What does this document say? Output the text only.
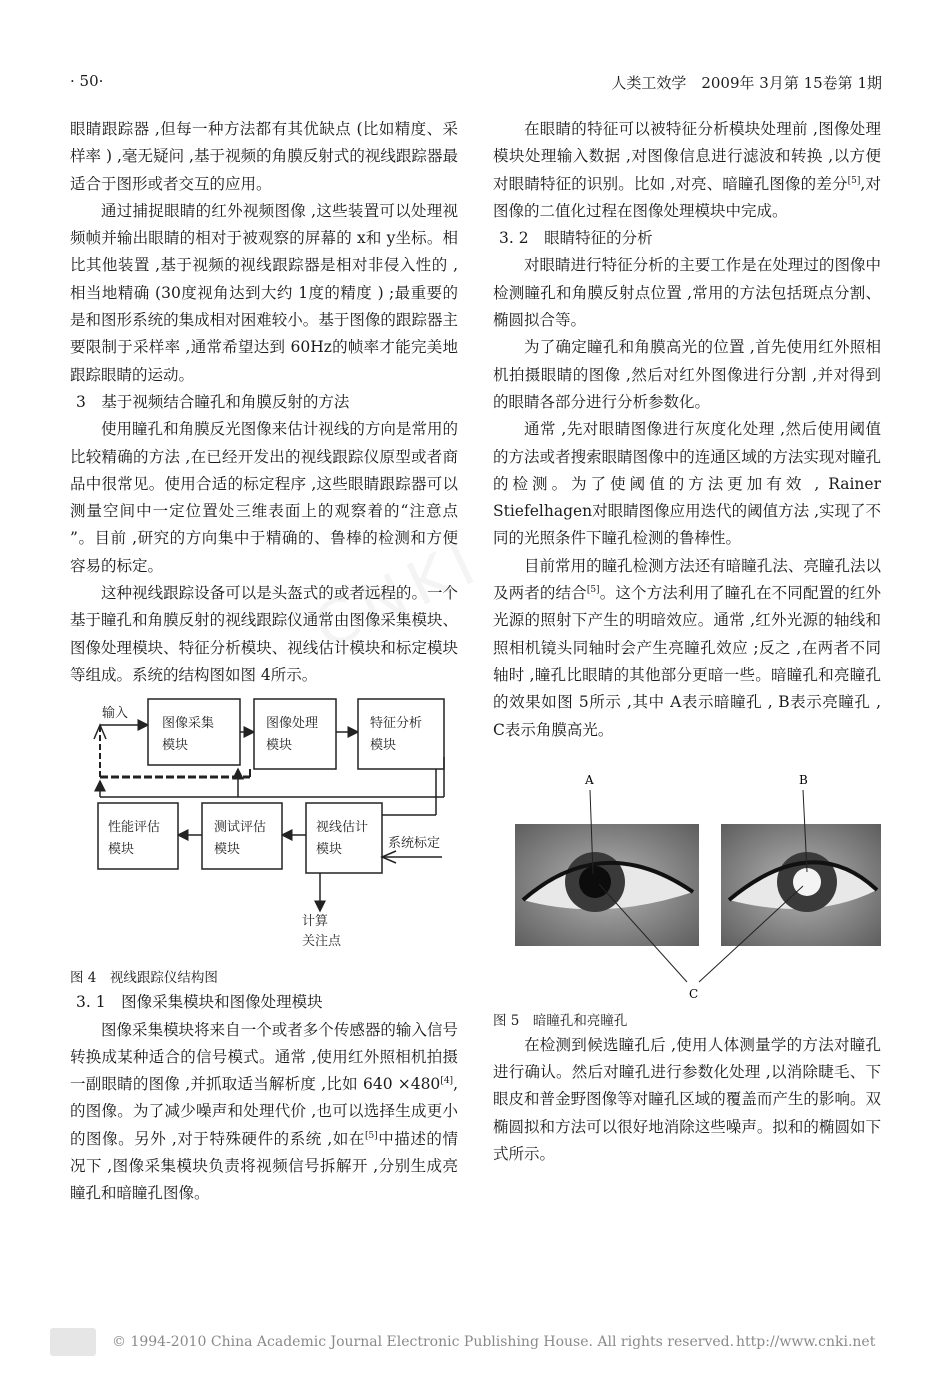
· 50·	人类工效学　2009年 3月第 15卷第 1期

眼睛跟踪器 ,但每一种方法都有其优缺点 (比如精度、采样率 ) ,毫无疑问 ,基于视频的角膜反射式的视线跟踪器最适合于图形或者交互的应用。

通过捕捉眼睛的红外视频图像 ,这些装置可以处理视频帧并输出眼睛的相对于被观察的屏幕的 x和 y坐标。相比其他装置 ,基于视频的视线跟踪器是相对非侵入性的 ,相当地精确 (30度视角达到大约 1度的精度 ) ;最重要的是和图形系统的集成相对困难较小。基于图像的跟踪器主要限制于采样率 ,通常希望达到 60Hz的帧率才能完美地跟踪眼睛的运动。

3　基于视频结合瞳孔和角膜反射的方法

使用瞳孔和角膜反光图像来估计视线的方向是常用的比较精确的方法 ,在已经开发出的视线跟踪仪原型或者商品中很常见。使用合适的标定程序 ,这些眼睛跟踪器可以测量空间中一定位置处三维表面上的观察着的“注意点 ”。目前 ,研究的方向集中于精确的、鲁棒的检测和方便容易的标定。

这种视线跟踪设备可以是头盔式的或者远程的。一个基于瞳孔和角膜反射的视线跟踪仪通常由图像采集模块、图像处理模块、特征分析模块、视线估计模块和标定模块等组成。系统的结构图如图 4所示。

输入
图像采集
模块
图像处理
模块
特征分析
模块
视线估计
模块
测试评估
模块
性能评估
模块	系统标定
计算
关注点

图 4　视线跟踪仪结构图

3. 1　图像采集模块和图像处理模块

图像采集模块将来自一个或者多个传感器的输入信号转换成某种适合的信号模式。通常 ,使用红外照相机拍摄一副眼睛的图像 ,并抓取适当解析度 ,比如 640 ×480[4],的图像。为了减少噪声和处理代价 ,也可以选择生成更小的图像。另外 ,对于特殊硬件的系统 ,如在[5]中描述的情况下 ,图像采集模块负责将视频信号拆解开 ,分别生成亮瞳孔和暗瞳孔图像。

在眼睛的特征可以被特征分析模块处理前 ,图像处理模块处理输入数据 ,对图像信息进行滤波和转换 ,以方便对眼睛特征的识别。比如 ,对亮、暗瞳孔图像的差分[5],对图像的二值化过程在图像处理模块中完成。

3. 2　眼睛特征的分析

对眼睛进行特征分析的主要工作是在处理过的图像中检测瞳孔和角膜反射点位置 ,常用的方法包括斑点分割、椭圆拟合等。

为了确定瞳孔和角膜高光的位置 ,首先使用红外照相机拍摄眼睛的图像 ,然后对红外图像进行分割 ,并对得到的眼睛各部分进行分析参数化。

通常 ,先对眼睛图像进行灰度化处理 ,然后使用阈值的方法或者搜索眼睛图像中的连通区域的方法实现对瞳孔的检测。为了使阈值的方法更加有效 , Rainer Stiefelhagen对眼睛图像应用迭代的阈值方法 ,实现了不同的光照条件下瞳孔检测的鲁棒性。

目前常用的瞳孔检测方法还有暗瞳孔法、亮瞳孔法以及两者的结合[5]。这个方法利用了瞳孔在不同配置的红外光源的照射下产生的明暗效应。通常 ,红外光源的轴线和照相机镜头同轴时会产生亮瞳孔效应 ;反之 ,在两者不同轴时 ,瞳孔比眼睛的其他部分更暗一些。暗瞳孔和亮瞳孔的效果如图 5所示 ,其中 A表示暗瞳孔 , B表示亮瞳孔 , C表示角膜高光。

A	B
C

图 5　暗瞳孔和亮瞳孔

在检测到候选瞳孔后 ,使用人体测量学的方法对瞳孔进行确认。然后对瞳孔进行参数化处理 ,以消除睫毛、下眼皮和普金野图像等对瞳孔区域的覆盖而产生的影响。双椭圆拟和方法可以很好地消除这些噪声。拟和的椭圆如下式所示。

© 1994-2010 China Academic Journal Electronic Publishing House. All rights reserved. http://www.cnki.net
